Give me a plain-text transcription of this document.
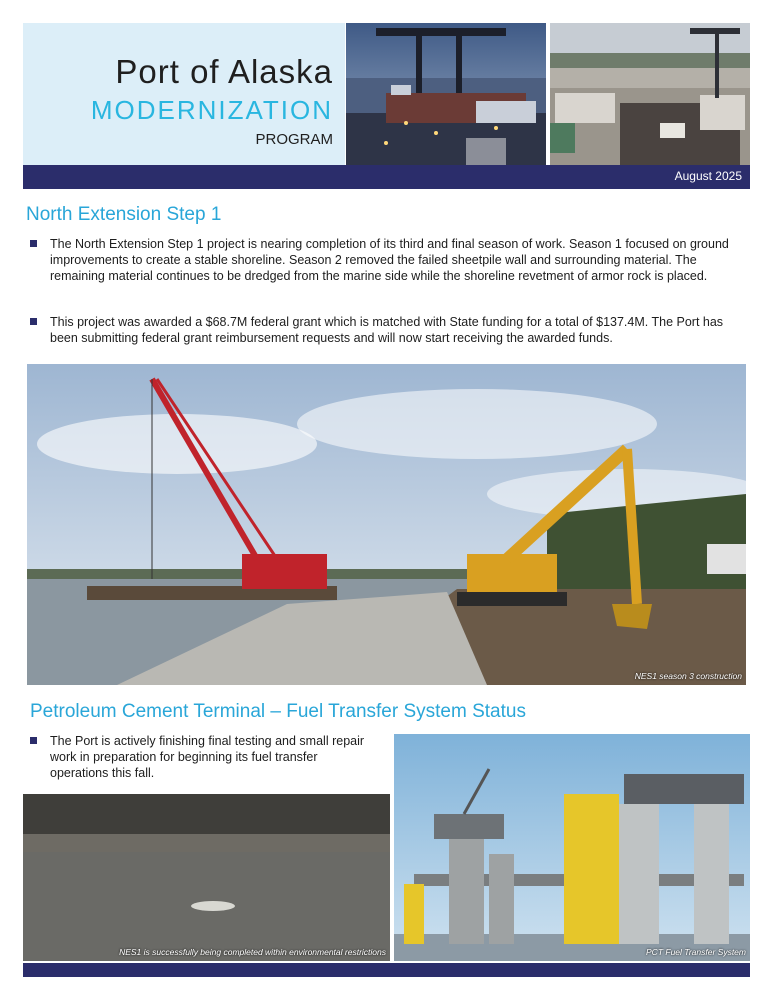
Port of Alaska
MODERNIZATION
PROGRAM
August 2025
North Extension Step 1
The North Extension Step 1 project is nearing completion of its third and final season of work. Season 1 focused on ground improvements to create a stable shoreline. Season 2 removed the failed sheetpile wall and surrounding material. The remaining material continues to be dredged from the marine side while the shoreline revetment of armor rock is placed.
This project was awarded a $68.7M federal grant which is matched with State funding for a total of $137.4M. The Port has been submitting federal grant reimbursement requests and will now start receiving the awarded funds.
NES1 season 3 construction
Petroleum Cement Terminal – Fuel Transfer System Status
The Port is actively finishing final testing and small repair work in preparation for beginning its fuel transfer operations this fall.
NES1 is successfully being completed within environmental restrictions	PCT Fuel Transfer System
